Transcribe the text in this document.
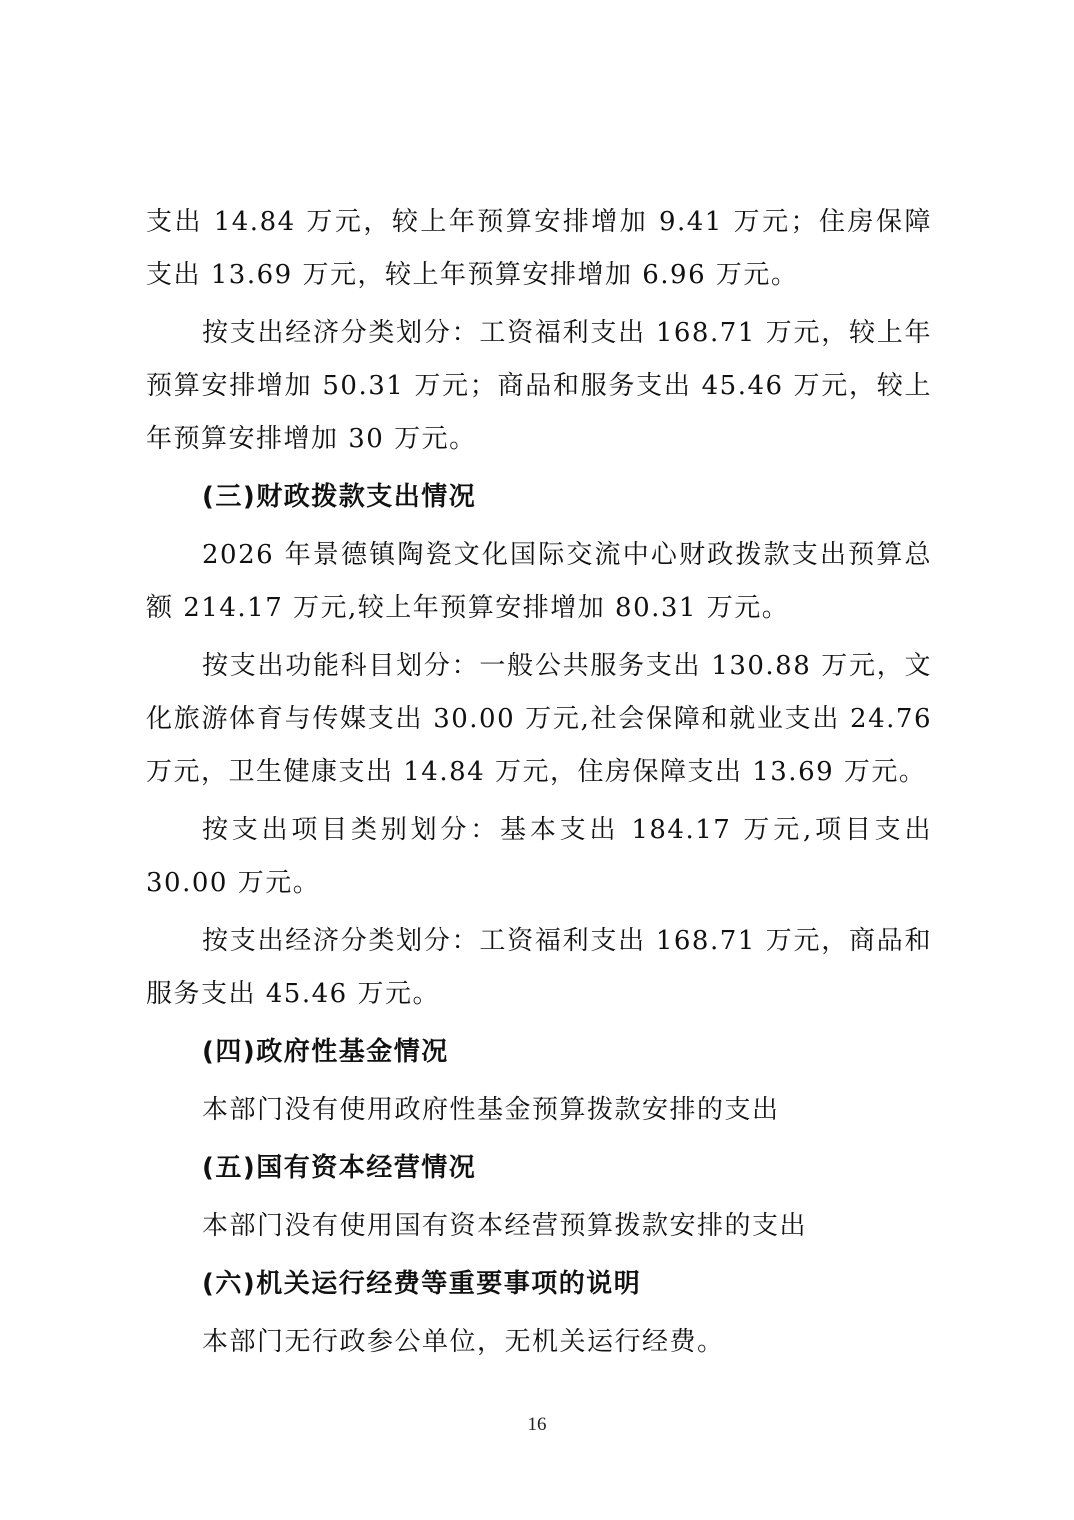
支出 14.84 万元，较上年预算安排增加 9.41 万元；住房保障支出 13.69 万元，较上年预算安排增加 6.96 万元。

按支出经济分类划分：工资福利支出 168.71 万元，较上年预算安排增加 50.31 万元；商品和服务支出 45.46 万元，较上年预算安排增加 30 万元。

(三)财政拨款支出情况

2026 年景德镇陶瓷文化国际交流中心财政拨款支出预算总额 214.17 万元,较上年预算安排增加 80.31 万元。

按支出功能科目划分：一般公共服务支出 130.88 万元，文化旅游体育与传媒支出 30.00 万元,社会保障和就业支出 24.76 万元，卫生健康支出 14.84 万元，住房保障支出 13.69 万元。

按支出项目类别划分：基本支出 184.17 万元,项目支出 30.00 万元。

按支出经济分类划分：工资福利支出 168.71 万元，商品和服务支出 45.46 万元。

(四)政府性基金情况

本部门没有使用政府性基金预算拨款安排的支出

(五)国有资本经营情况

本部门没有使用国有资本经营预算拨款安排的支出

(六)机关运行经费等重要事项的说明

本部门无行政参公单位，无机关运行经费。

16
